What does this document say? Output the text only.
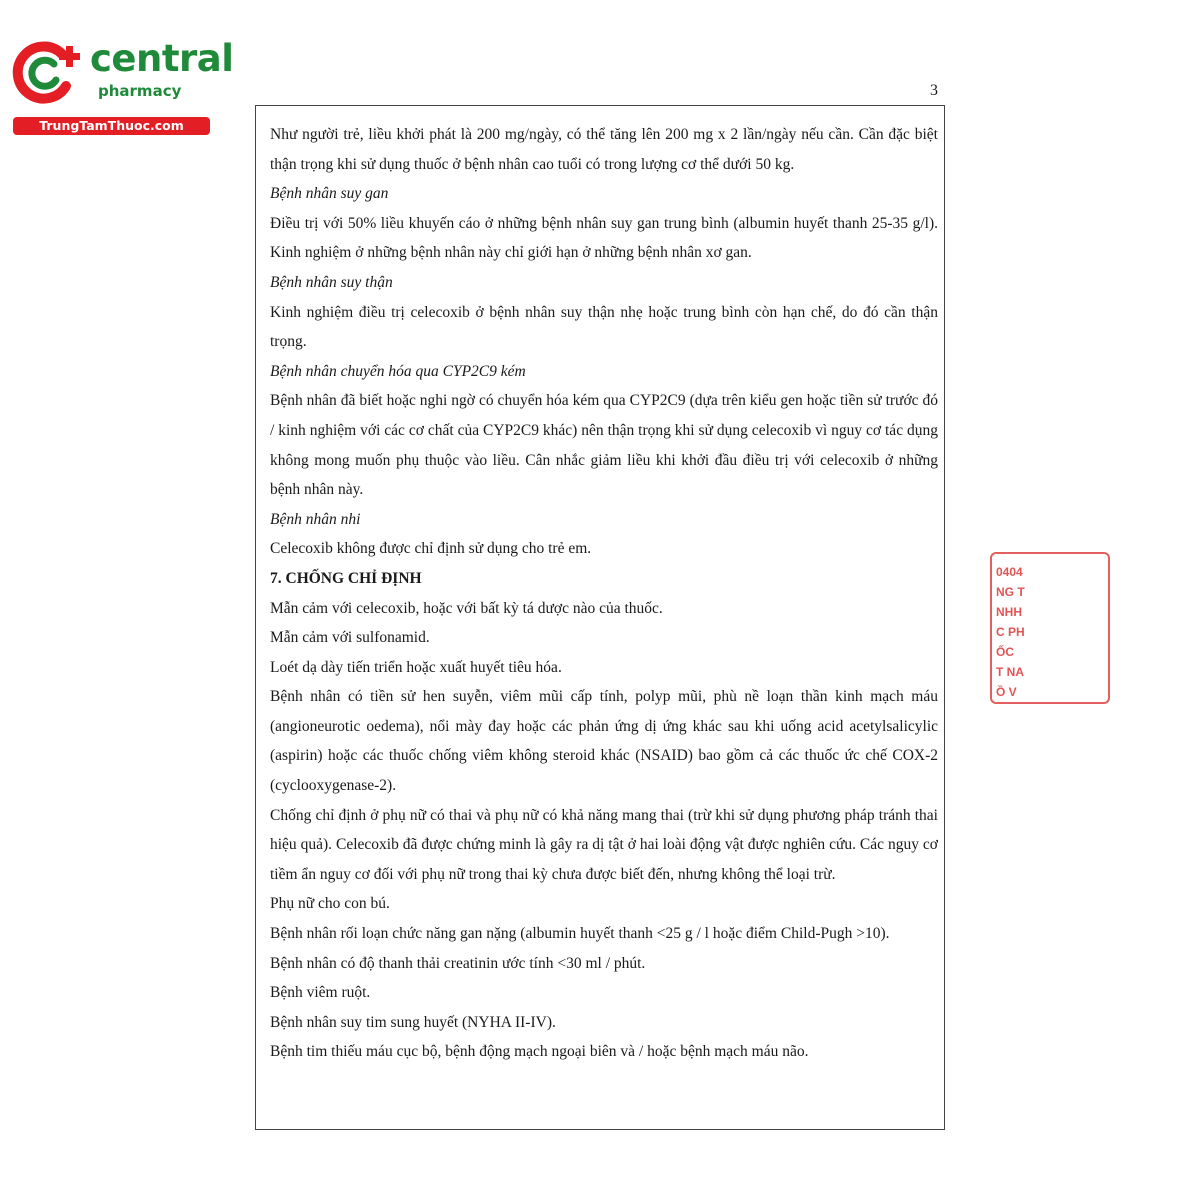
central
pharmacy
TrungTamThuoc.com
3

Như người trẻ, liều khởi phát là 200 mg/ngày, có thể tăng lên 200 mg x 2 lần/ngày nếu cần. Cần đặc biệt thận trọng khi sử dụng thuốc ở bệnh nhân cao tuổi có trong lượng cơ thể dưới 50 kg.

Bệnh nhân suy gan

Điều trị với 50% liều khuyến cáo ở những bệnh nhân suy gan trung bình (albumin huyết thanh 25-35 g/l). Kinh nghiệm ở những bệnh nhân này chỉ giới hạn ở những bệnh nhân xơ gan.

Bệnh nhân suy thận

Kinh nghiệm điều trị celecoxib ở bệnh nhân suy thận nhẹ hoặc trung bình còn hạn chế, do đó cần thận trọng.

Bệnh nhân chuyển hóa qua CYP2C9 kém

Bệnh nhân đã biết hoặc nghi ngờ có chuyển hóa kém qua CYP2C9 (dựa trên kiểu gen hoặc tiền sử trước đó / kinh nghiệm với các cơ chất của CYP2C9 khác) nên thận trọng khi sử dụng celecoxib vì nguy cơ tác dụng không mong muốn phụ thuộc vào liều. Cân nhắc giảm liều khi khởi đầu điều trị với celecoxib ở những bệnh nhân này.

Bệnh nhân nhi

Celecoxib không được chỉ định sử dụng cho trẻ em.

7. CHỐNG CHỈ ĐỊNH

Mẫn cảm với celecoxib, hoặc với bất kỳ tá dược nào của thuốc.

Mẫn cảm với sulfonamid.

Loét dạ dày tiến triển hoặc xuất huyết tiêu hóa.

Bệnh nhân có tiền sử hen suyễn, viêm mũi cấp tính, polyp mũi, phù nề loạn thần kinh mạch máu (angioneurotic oedema), nổi mày đay hoặc các phản ứng dị ứng khác sau khi uống acid acetylsalicylic (aspirin) hoặc các thuốc chống viêm không steroid khác (NSAID) bao gồm cả các thuốc ức chế COX-2 (cyclooxygenase-2).

Chống chỉ định ở phụ nữ có thai và phụ nữ có khả năng mang thai (trừ khi sử dụng phương pháp tránh thai hiệu quả). Celecoxib đã được chứng minh là gây ra dị tật ở hai loài động vật được nghiên cứu. Các nguy cơ tiềm ẩn nguy cơ đối với phụ nữ trong thai kỳ chưa được biết đến, nhưng không thể loại trừ.

Phụ nữ cho con bú.

Bệnh nhân rối loạn chức năng gan nặng (albumin huyết thanh <25 g / l hoặc điểm Child-Pugh >10).

Bệnh nhân có độ thanh thải creatinin ước tính <30 ml / phút.

Bệnh viêm ruột.

Bệnh nhân suy tim sung huyết (NYHA II-IV).

Bệnh tim thiếu máu cục bộ, bệnh động mạch ngoại biên và / hoặc bệnh mạch máu não.

0404
NG T
NHH
C PH
ỐC
T NA
Ồ V
